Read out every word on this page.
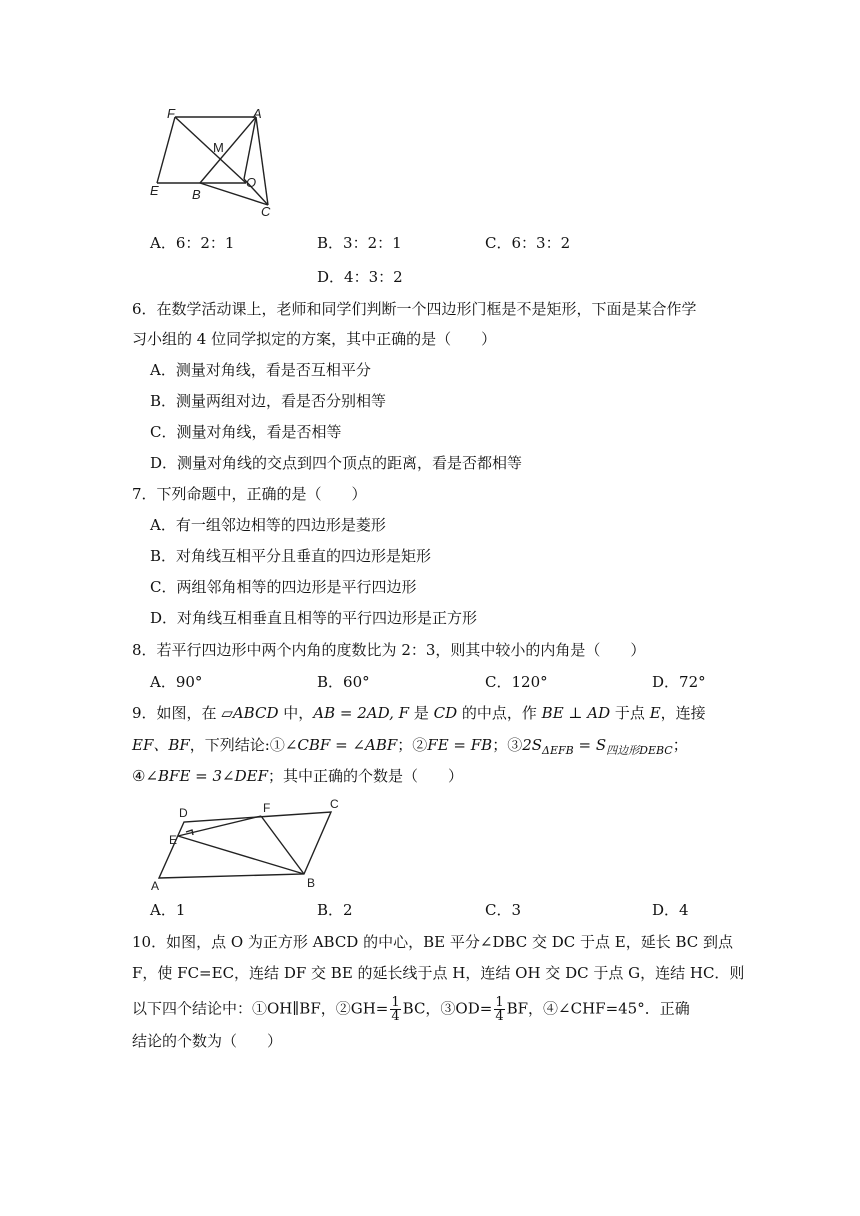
F	A
M
E	B
O
C
A．6：2：1	B．3：2：1	C．6：3：2
D．4：3：2
6．在数学活动课上，老师和同学们判断一个四边形门框是不是矩形，下面是某合作学
习小组的 4 位同学拟定的方案，其中正确的是（　　）
A．测量对角线，看是否互相平分
B．测量两组对边，看是否分别相等
C．测量对角线，看是否相等
D．测量对角线的交点到四个顶点的距离，看是否都相等
7．下列命题中，正确的是（　　）
A．有一组邻边相等的四边形是菱形
B．对角线互相平分且垂直的四边形是矩形
C．两组邻角相等的四边形是平行四边形
D．对角线互相垂直且相等的平行四边形是正方形
8．若平行四边形中两个内角的度数比为 2：3，则其中较小的内角是（　　）
A．90°	B．60°	C．120°	D．72°
9．如图，在 ▱ABCD 中，AB = 2AD, F 是 CD 的中点，作 BE ⊥ AD 于点 E，连接
EF、BF，下列结论:①∠CBF = ∠ABF；②FE = FB；$③2S_{\Delta EFB} = S_{四边形DEBC}$；
④∠BFE = 3∠DEF；其中正确的个数是（　　）
D	F	C
E
A	B
A．1	B．2	C．3	D．4
10．如图，点 O 为正方形 ABCD 的中心，BE 平分∠DBC 交 DC 于点 E，延长 BC 到点
F，使 FC=EC，连结 DF 交 BE 的延长线于点 H，连结 OH 交 DC 于点 G，连结 HC．则
以下四个结论中：①OH∥BF，②GH= $\frac{1}{4}$ BC，③OD= $\frac{1}{4}$ BF，④∠CHF=45°．正确
结论的个数为（　　）
